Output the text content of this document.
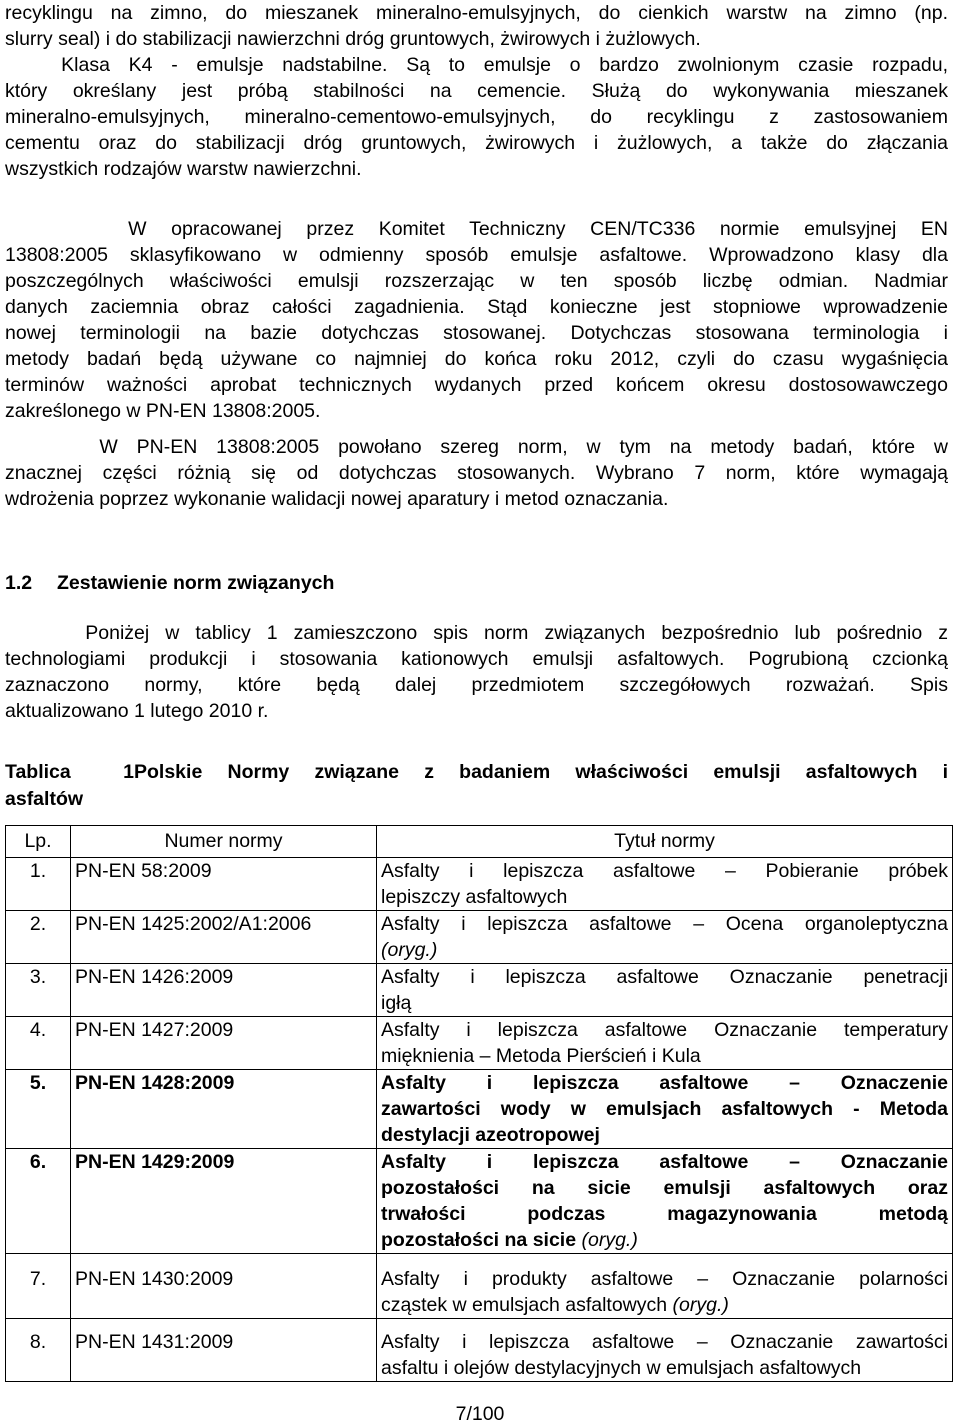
recyklingu na zimno, do mieszanek mineralno-emulsyjnych, do cienkich warstw na zimno (np.
slurry seal) i do stabilizacji nawierzchni dróg gruntowych, żwirowych i żużlowych.
Klasa K4 - emulsje nadstabilne. Są to emulsje o bardzo zwolnionym czasie rozpadu,
który określany jest próbą stabilności na cemencie. Służą do wykonywania mieszanek
mineralno-emulsyjnych, mineralno-cementowo-emulsyjnych, do recyklingu z zastosowaniem
cementu oraz do stabilizacji dróg gruntowych, żwirowych i żużlowych, a także do złączania
wszystkich rodzajów warstw nawierzchni.

W opracowanej przez Komitet Techniczny CEN/TC336 normie emulsyjnej EN
13808:2005 sklasyfikowano w odmienny sposób emulsje asfaltowe. Wprowadzono klasy dla
poszczególnych właściwości emulsji rozszerzając w ten sposób liczbę odmian. Nadmiar
danych zaciemnia obraz całości zagadnienia. Stąd konieczne jest stopniowe wprowadzenie
nowej terminologii na bazie dotychczas stosowanej. Dotychczas stosowana terminologia i
metody badań będą używane co najmniej do końca roku 2012, czyli do czasu wygaśnięcia
terminów ważności aprobat technicznych wydanych przed końcem okresu dostosowawczego
zakreślonego w PN-EN 13808:2005.

W PN-EN 13808:2005 powołano szereg norm, w tym na metody badań, które w
znacznej części różnią się od dotychczas stosowanych. Wybrano 7 norm, które wymagają
wdrożenia poprzez wykonanie walidacji nowej aparatury i metod oznaczania.

1.2 Zestawienie norm związanych

Poniżej w tablicy 1 zamieszczono spis norm związanych bezpośrednio lub pośrednio z
technologiami produkcji i stosowania kationowych emulsji asfaltowych. Pogrubioną czcionką
zaznaczono normy, które będą dalej przedmiotem szczegółowych rozważań. Spis
aktualizowano 1 lutego 2010 r.

Tablica 1Polskie Normy związane z badaniem właściwości emulsji asfaltowych i
asfaltów
Lp.	Numer normy	Tytuł normy
1.	PN-EN 58:2009	Asfalty i lepiszcza asfaltowe – Pobieranie próbek
lepiszczy asfaltowych

2.	PN-EN 1425:2002/A1:2006	Asfalty i lepiszcza asfaltowe – Ocena organoleptyczna
(oryg.)

3.	PN-EN 1426:2009	Asfalty i lepiszcza asfaltowe Oznaczanie penetracji
igłą

4.	PN-EN 1427:2009	Asfalty i lepiszcza asfaltowe Oznaczanie temperatury
mięknienia – Metoda Pierścień i Kula

5.	PN-EN 1428:2009	Asfalty i lepiszcza asfaltowe – Oznaczenie
zawartości wody w emulsjach asfaltowych - Metoda
destylacji azeotropowej

6.	PN-EN 1429:2009	Asfalty i lepiszcza asfaltowe – Oznaczanie
pozostałości na sicie emulsji asfaltowych oraz
trwałości podczas magazynowania metodą
pozostałości na sicie (oryg.)

7.	PN-EN 1430:2009	Asfalty i produkty asfaltowe – Oznaczanie polarności
cząstek w emulsjach asfaltowych (oryg.)

8.	PN-EN 1431:2009	Asfalty i lepiszcza asfaltowe – Oznaczanie zawartości
asfaltu i olejów destylacyjnych w emulsjach asfaltowych
7/100
